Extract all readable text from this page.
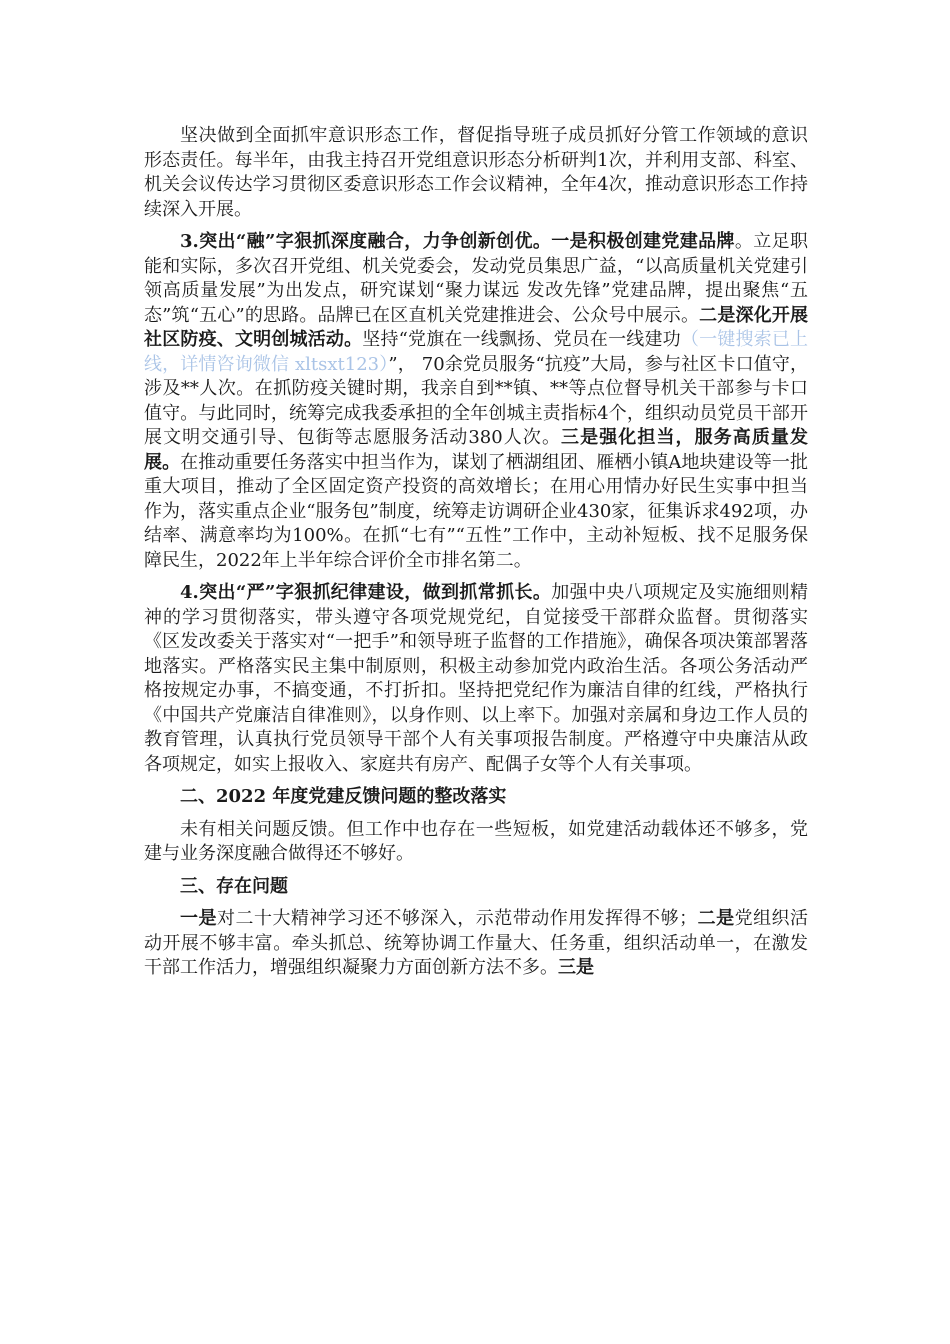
坚决做到全面抓牢意识形态工作，督促指导班子成员抓好分管工作领域的意识形态责任。每半年，由我主持召开党组意识形态分析研判1次，并利用支部、科室、机关会议传达学习贯彻区委意识形态工作会议精神，全年4次，推动意识形态工作持续深入开展。

3.突出“融”字狠抓深度融合，力争创新创优。一是积极创建党建品牌。立足职能和实际，多次召开党组、机关党委会，发动党员集思广益，“以高质量机关党建引领高质量发展”为出发点，研究谋划“聚力谋远 发改先锋”党建品牌，提出聚焦“五态”筑“五心”的思路。品牌已在区直机关党建推进会、公众号中展示。二是深化开展社区防疫、文明创城活动。坚持“党旗在一线飘扬、党员在一线建功（一键搜索已上线，详情咨询微信 xltsxt123）”， 70余党员服务“抗疫”大局，参与社区卡口值守，涉及**人次。在抓防疫关键时期，我亲自到**镇、**等点位督导机关干部参与卡口值守。与此同时，统筹完成我委承担的全年创城主责指标4个，组织动员党员干部开展文明交通引导、包街等志愿服务活动380人次。三是强化担当，服务高质量发展。在推动重要任务落实中担当作为，谋划了栖湖组团、雁栖小镇A地块建设等一批重大项目，推动了全区固定资产投资的高效增长；在用心用情办好民生实事中担当作为，落实重点企业“服务包”制度，统筹走访调研企业430家，征集诉求492项，办结率、满意率均为100%。在抓“七有”“五性”工作中，主动补短板、找不足服务保障民生，2022年上半年综合评价全市排名第二。

4.突出“严”字狠抓纪律建设，做到抓常抓长。加强中央八项规定及实施细则精神的学习贯彻落实，带头遵守各项党规党纪，自觉接受干部群众监督。贯彻落实《区发改委关于落实对“一把手”和领导班子监督的工作措施》，确保各项决策部署落地落实。严格落实民主集中制原则，积极主动参加党内政治生活。各项公务活动严格按规定办事，不搞变通，不打折扣。坚持把党纪作为廉洁自律的红线，严格执行《中国共产党廉洁自律准则》，以身作则、以上率下。加强对亲属和身边工作人员的教育管理，认真执行党员领导干部个人有关事项报告制度。严格遵守中央廉洁从政各项规定，如实上报收入、家庭共有房产、配偶子女等个人有关事项。

二、2022 年度党建反馈问题的整改落实

未有相关问题反馈。但工作中也存在一些短板，如党建活动载体还不够多，党建与业务深度融合做得还不够好。

三、存在问题

一是对二十大精神学习还不够深入，示范带动作用发挥得不够；二是党组织活动开展不够丰富。牵头抓总、统筹协调工作量大、任务重，组织活动单一，在激发干部工作活力，增强组织凝聚力方面创新方法不多。三是
